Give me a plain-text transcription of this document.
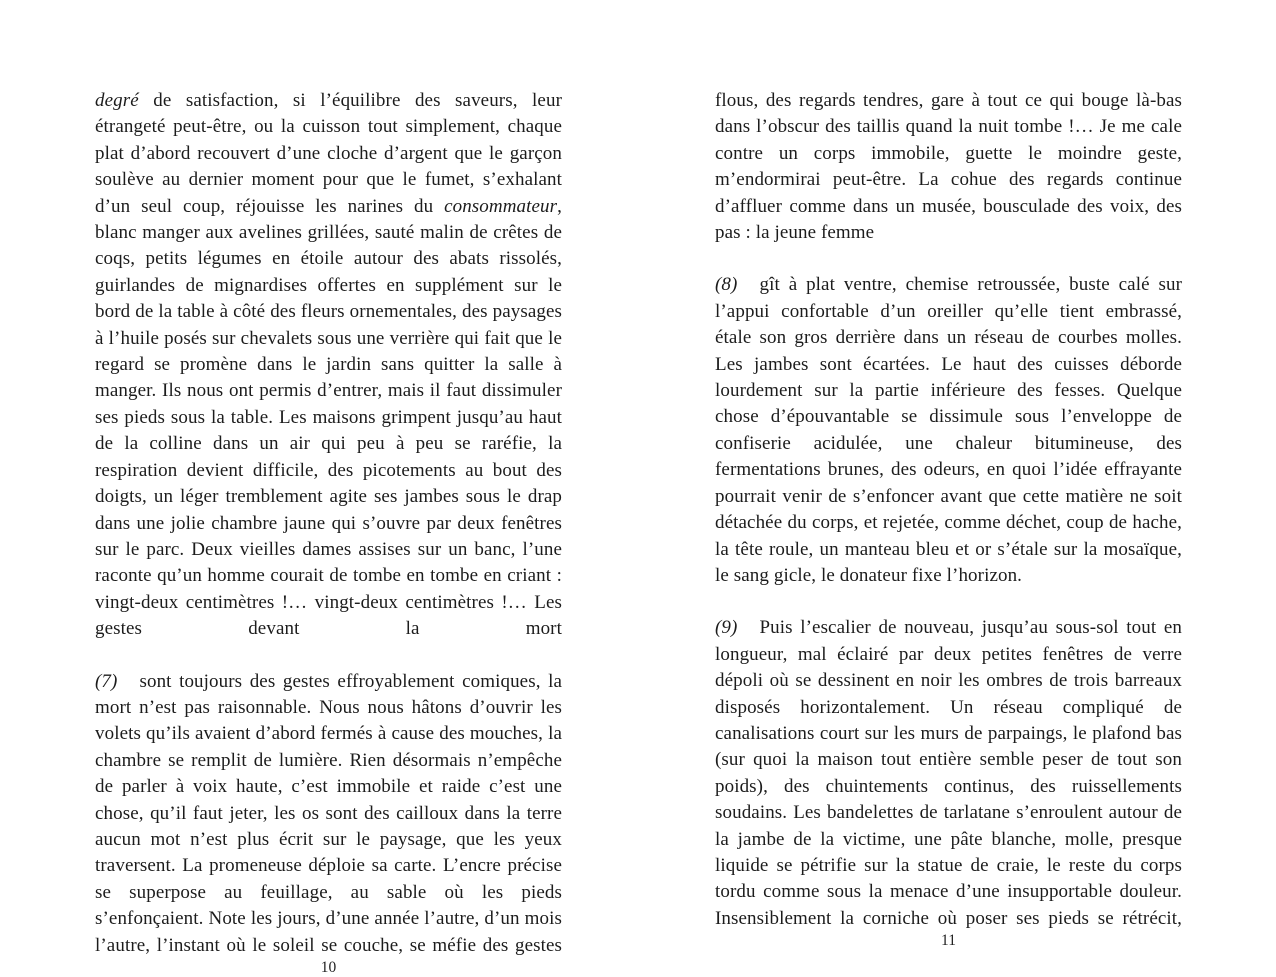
degré de satisfaction, si l’équilibre des saveurs, leur étrangeté peut-être, ou la cuisson tout simplement, chaque plat d’abord recouvert d’une cloche d’argent que le garçon soulève au dernier moment pour que le fumet, s’exhalant d’un seul coup, réjouisse les narines du consommateur, blanc manger aux avelines grillées, sauté malin de crêtes de coqs, petits légumes en étoile autour des abats rissolés, guirlandes de mignardises offertes en supplément sur le bord de la table à côté des fleurs ornementales, des paysages à l’huile posés sur chevalets sous une verrière qui fait que le regard se promène dans le jardin sans quitter la salle à manger. Ils nous ont permis d’entrer, mais il faut dissimuler ses pieds sous la table. Les maisons grimpent jusqu’au haut de la colline dans un air qui peu à peu se raréfie, la respiration devient difficile, des picotements au bout des doigts, un léger tremblement agite ses jambes sous le drap dans une jolie chambre jaune qui s’ouvre par deux fenêtres sur le parc. Deux vieilles dames assises sur un banc, l’une raconte qu’un homme courait de tombe en tombe en criant : vingt-deux centimètres !… vingt-deux centimètres !… Les gestes devant la mort

(7) sont toujours des gestes effroyablement comiques, la mort n’est pas raisonnable. Nous nous hâtons d’ouvrir les volets qu’ils avaient d’abord fermés à cause des mouches, la chambre se remplit de lumière. Rien désormais n’empêche de parler à voix haute, c’est immobile et raide c’est une chose, qu’il faut jeter, les os sont des cailloux dans la terre aucun mot n’est plus écrit sur le paysage, que les yeux traversent. La promeneuse déploie sa carte. L’encre précise se superpose au feuillage, au sable où les pieds s’enfonçaient. Note les jours, d’une année l’autre, d’un mois l’autre, l’instant où le soleil se couche, se méfie des gestes

10

flous, des regards tendres, gare à tout ce qui bouge là-bas dans l’obscur des taillis quand la nuit tombe !… Je me cale contre un corps immobile, guette le moindre geste, m’endormirai peut-être. La cohue des regards continue d’affluer comme dans un musée, bousculade des voix, des pas : la jeune femme

(8) gît à plat ventre, chemise retroussée, buste calé sur l’appui confortable d’un oreiller qu’elle tient embrassé, étale son gros derrière dans un réseau de courbes molles. Les jambes sont écartées. Le haut des cuisses déborde lourdement sur la partie inférieure des fesses. Quelque chose d’épouvantable se dissimule sous l’enveloppe de confiserie acidulée, une chaleur bitumineuse, des fermentations brunes, des odeurs, en quoi l’idée effrayante pourrait venir de s’enfoncer avant que cette matière ne soit détachée du corps, et rejetée, comme déchet, coup de hache, la tête roule, un manteau bleu et or s’étale sur la mosaïque, le sang gicle, le donateur fixe l’horizon.

(9) Puis l’escalier de nouveau, jusqu’au sous-sol tout en longueur, mal éclairé par deux petites fenêtres de verre dépoli où se dessinent en noir les ombres de trois barreaux disposés horizontalement. Un réseau compliqué de canalisations court sur les murs de parpaings, le plafond bas (sur quoi la maison tout entière semble peser de tout son poids), des chuintements continus, des ruissellements soudains. Les bandelettes de tarlatane s’enroulent autour de la jambe de la victime, une pâte blanche, molle, presque liquide se pétrifie sur la statue de craie, le reste du corps tordu comme sous la menace d’une insupportable douleur. Insensiblement la corniche où poser ses pieds se rétrécit,

11
